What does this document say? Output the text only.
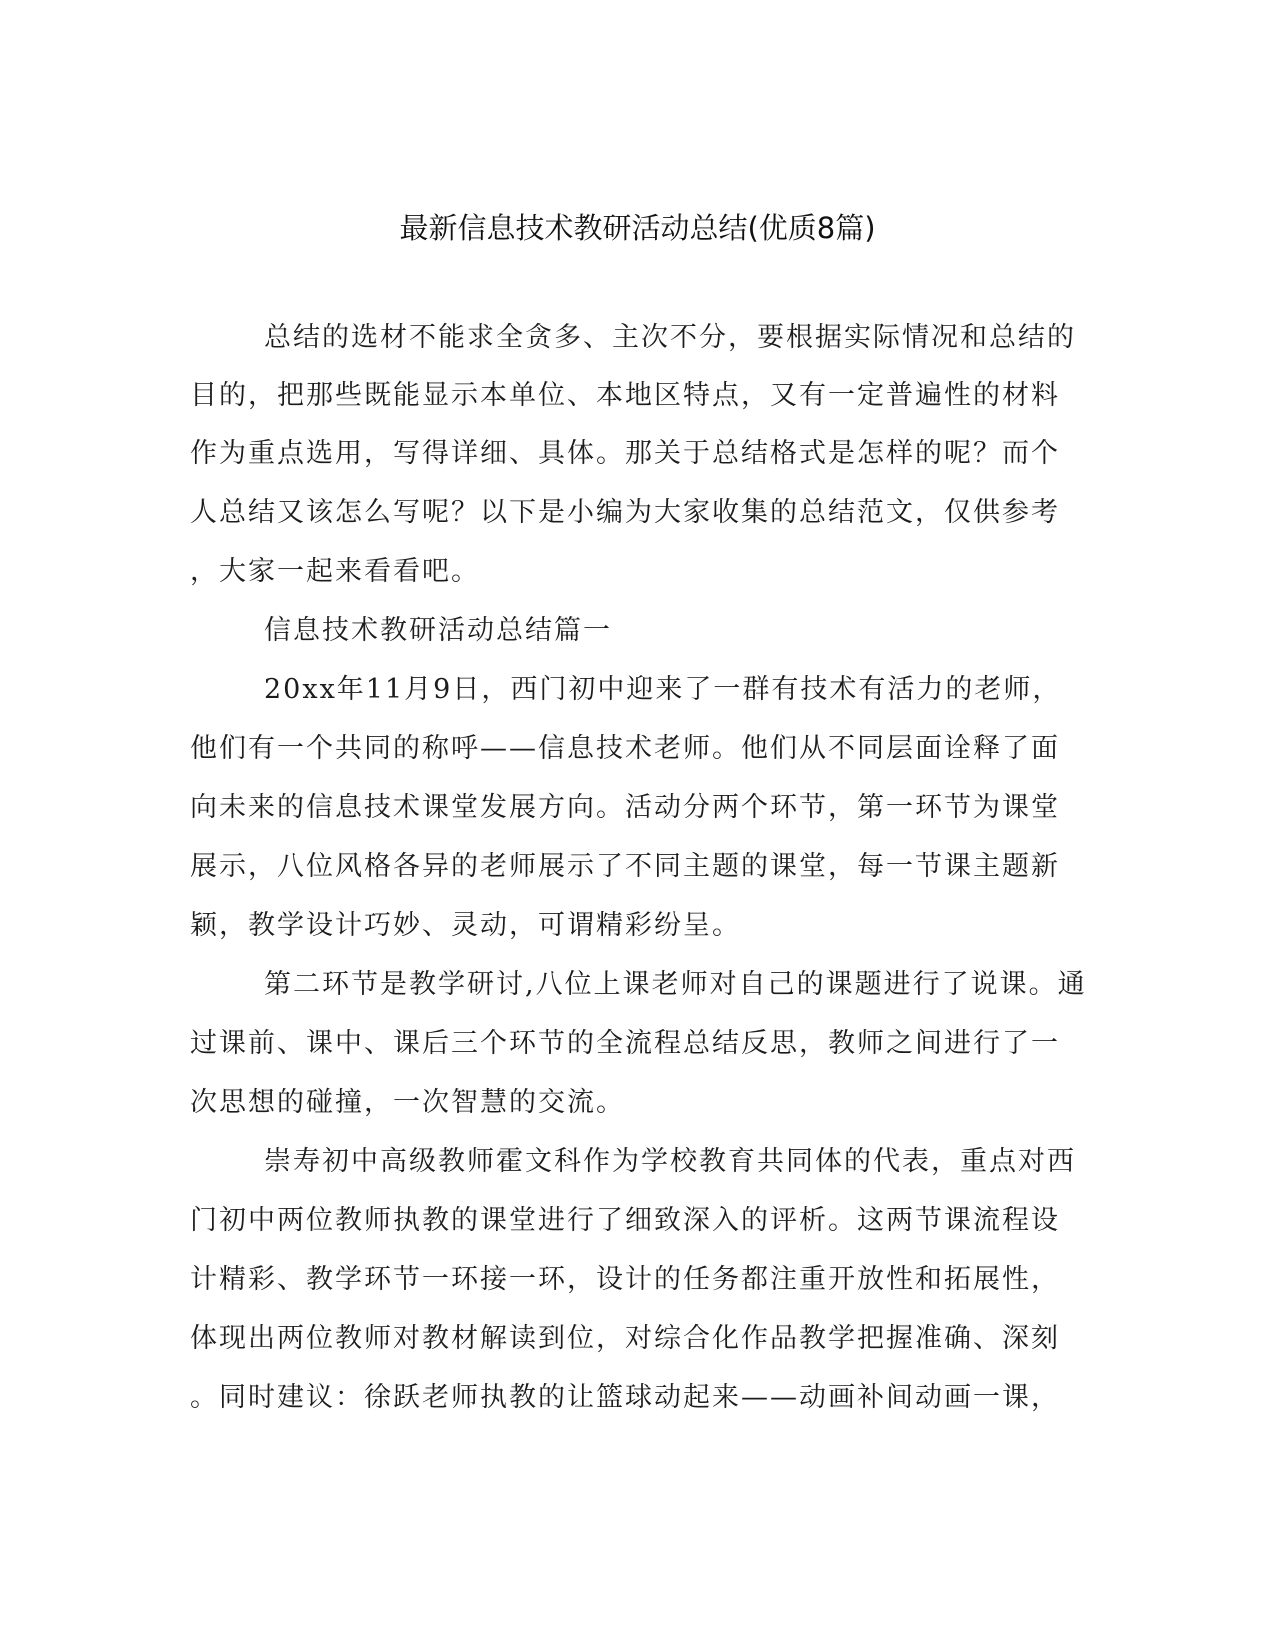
最新信息技术教研活动总结(优质8篇)
总结的选材不能求全贪多、主次不分，要根据实际情况和总结的
目的，把那些既能显示本单位、本地区特点，又有一定普遍性的材料
作为重点选用，写得详细、具体。那关于总结格式是怎样的呢？而个
人总结又该怎么写呢？以下是小编为大家收集的总结范文，仅供参考
，大家一起来看看吧。
信息技术教研活动总结篇一
20xx年11月9日，西门初中迎来了一群有技术有活力的老师，
他们有一个共同的称呼——信息技术老师。他们从不同层面诠释了面
向未来的信息技术课堂发展方向。活动分两个环节，第一环节为课堂
展示，八位风格各异的老师展示了不同主题的课堂，每一节课主题新
颖，教学设计巧妙、灵动，可谓精彩纷呈。
第二环节是教学研讨,八位上课老师对自己的课题进行了说课。通
过课前、课中、课后三个环节的全流程总结反思，教师之间进行了一
次思想的碰撞，一次智慧的交流。
崇寿初中高级教师霍文科作为学校教育共同体的代表，重点对西
门初中两位教师执教的课堂进行了细致深入的评析。这两节课流程设
计精彩、教学环节一环接一环，设计的任务都注重开放性和拓展性，
体现出两位教师对教材解读到位，对综合化作品教学把握准确、深刻
。同时建议：徐跃老师执教的让篮球动起来——动画补间动画一课，
